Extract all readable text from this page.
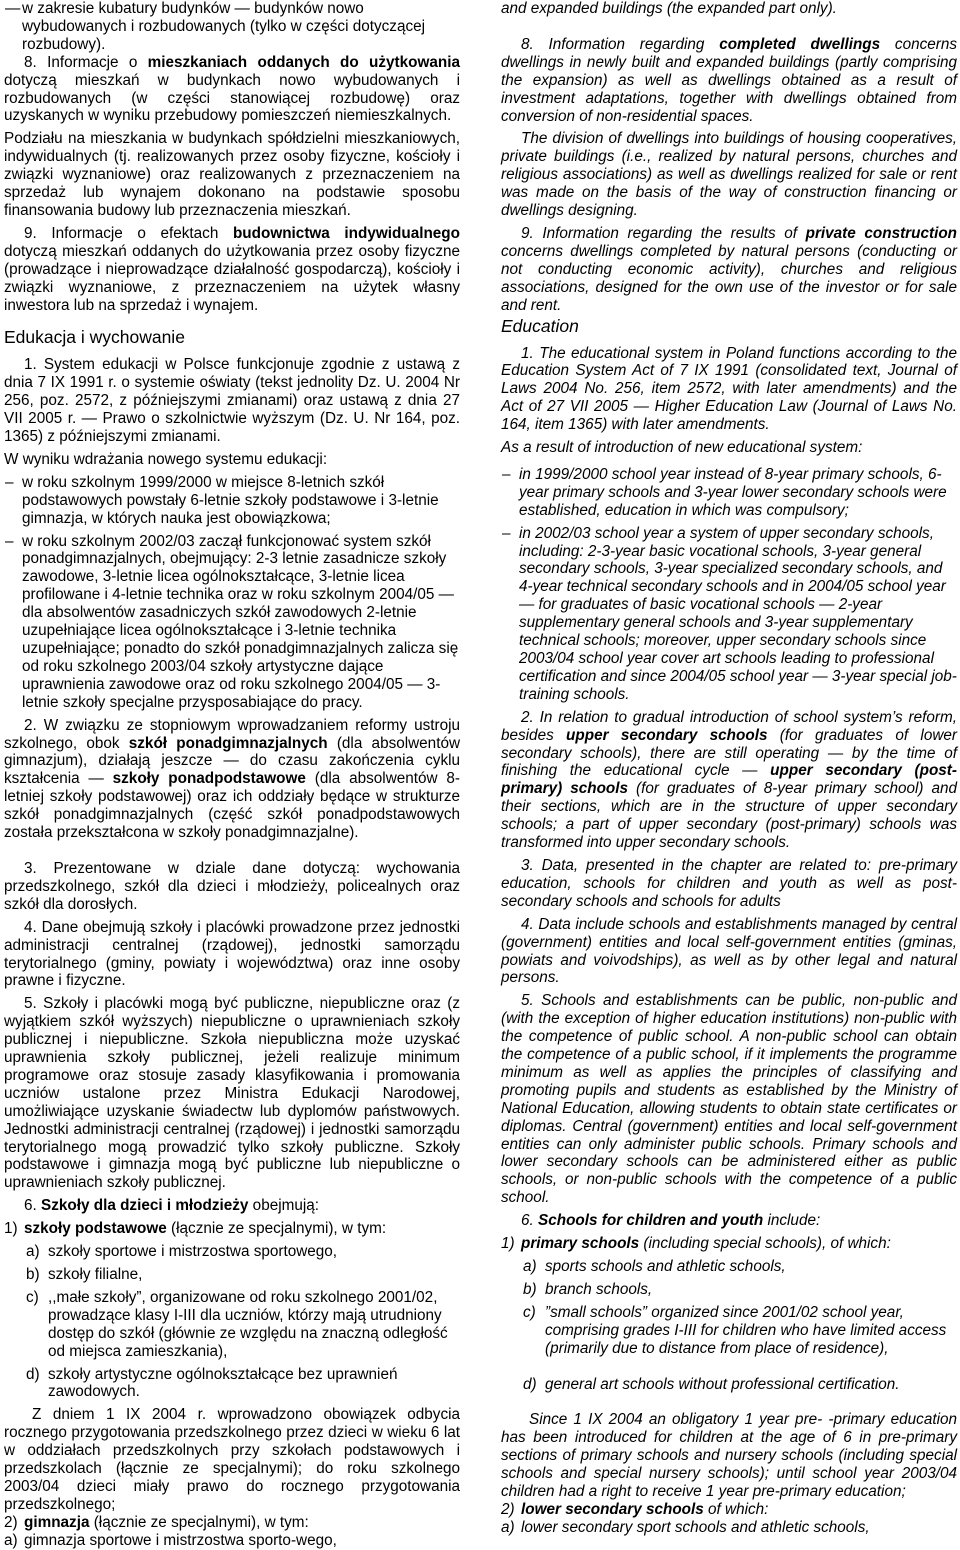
— w zakresie kubatury budynków — budynków nowo wybudowanych i rozbudowanych (tylko w części dotyczącej rozbudowy).

8. Informacje o mieszkaniach oddanych do użytkowania dotyczą mieszkań w budynkach nowo wybudowanych i rozbudowanych (w części stanowiącej rozbudowę) oraz uzyskanych w wyniku przebudowy pomieszczeń niemieszkalnych.

Podziału na mieszkania w budynkach spółdzielni mieszkaniowych, indywidualnych (tj. realizowanych przez osoby fizyczne, kościoły i związki wyznaniowe) oraz realizowanych z przeznaczeniem na sprzedaż lub wynajem dokonano na podstawie sposobu finansowania budowy lub przeznaczenia mieszkań.

9. Informacje o efektach budownictwa indywidualnego dotyczą mieszkań oddanych do użytkowania przez osoby fizyczne (prowadzące i nieprowadzące działalność gospodarczą), kościoły i związki wyznaniowe, z przeznaczeniem na użytek własny inwestora lub na sprzedaż i wynajem.

Edukacja i wychowanie

1. System edukacji w Polsce funkcjonuje zgodnie z ustawą z dnia 7 IX 1991 r. o systemie oświaty (tekst jednolity Dz. U. 2004 Nr 256, poz. 2572, z późniejszymi zmianami) oraz ustawą z dnia 27 VII 2005 r. — Prawo o szkolnictwie wyższym (Dz. U. Nr 164, poz. 1365) z późniejszymi zmianami.

W wyniku wdrażania nowego systemu edukacji:

– w roku szkolnym 1999/2000 w miejsce 8-letnich szkół podstawowych powstały 6-letnie szkoły podstawowe i 3-letnie gimnazja, w których nauka jest obowiązkowa;
– w roku szkolnym 2002/03 zaczął funkcjonować system szkół ponadgimnazjalnych, obejmujący: 2-3 letnie zasadnicze szkoły zawodowe, 3-letnie licea ogólnokształcące, 3-letnie licea profilowane i 4-letnie technika oraz w roku szkolnym 2004/05 — dla absolwentów zasadniczych szkół zawodowych 2-letnie uzupełniające licea ogólnokształcące i 3-letnie technika uzupełniające; ponadto do szkół ponadgimnazjalnych zalicza się od roku szkolnego 2003/04 szkoły artystyczne dające uprawnienia zawodowe oraz od roku szkolnego 2004/05 — 3-letnie szkoły specjalne przysposabiające do pracy.

2. W związku ze stopniowym wprowadzaniem reformy ustroju szkolnego, obok szkół ponadgimnazjalnych (dla absolwentów gimnazjum), działają jeszcze — do czasu zakończenia cyklu kształcenia — szkoły ponadpodstawowe (dla absolwentów 8-letniej szkoły podstawowej) oraz ich oddziały będące w strukturze szkół ponadgimnazjalnych (część szkół ponadpodstawowych została przekształcona w szkoły ponadgimnazjalne).

3. Prezentowane w dziale dane dotyczą: wychowania przedszkolnego, szkół dla dzieci i młodzieży, policealnych oraz szkół dla dorosłych.

4. Dane obejmują szkoły i placówki prowadzone przez jednostki administracji centralnej (rządowej), jednostki samorządu terytorialnego (gminy, powiaty i województwa) oraz inne osoby prawne i fizyczne.

5. Szkoły i placówki mogą być publiczne, niepubliczne oraz (z wyjątkiem szkół wyższych) niepubliczne o uprawnieniach szkoły publicznej i niepubliczne. Szkoła niepubliczna może uzyskać uprawnienia szkoły publicznej, jeżeli realizuje minimum programowe oraz stosuje zasady klasyfikowania i promowania uczniów ustalone przez Ministra Edukacji Narodowej, umożliwiające uzyskanie świadectw lub dyplomów państwowych. Jednostki administracji centralnej (rządowej) i jednostki samorządu terytorialnego mogą prowadzić tylko szkoły publiczne. Szkoły podstawowe i gimnazja mogą być publiczne lub niepubliczne o uprawnieniach szkoły publicznej.

6. Szkoły dla dzieci i młodzieży obejmują:

1) szkoły podstawowe (łącznie ze specjalnymi), w tym:
a) szkoły sportowe i mistrzostwa sportowego,
b) szkoły filialne,
c) ,,małe szkoły”, organizowane od roku szkolnego 2001/02, prowadzące klasy I-III dla uczniów, którzy mają utrudniony dostęp do szkół (głównie ze względu na znaczną odległość od miejsca zamieszkania),
d) szkoły artystyczne ogólnokształcące bez uprawnień zawodowych.

Z dniem 1 IX 2004 r. wprowadzono obowiązek odbycia rocznego przygotowania przedszkolnego przez dzieci w wieku 6 lat w oddziałach przedszkolnych przy szkołach podstawowych i przedszkolach (łącznie ze specjalnymi); do roku szkolnego 2003/04 dzieci miały prawo do rocznego przygotowania przedszkolnego;

2) gimnazja (łącznie ze specjalnymi), w tym:
a) gimnazja sportowe i mistrzostwa sporto-wego,

and expanded buildings (the expanded part only).

8. Information regarding completed dwellings concerns dwellings in newly built and expanded buildings (partly comprising the expansion) as well as dwellings obtained as a result of investment adaptations, together with dwellings obtained from conversion of non-residential spaces.

The division of dwellings into buildings of housing cooperatives, private buildings (i.e., realized by natural persons, churches and religious associations) as well as dwellings realized for sale or rent was made on the basis of the way of construction financing or dwellings designing.

9. Information regarding the results of private construction concerns dwellings completed by natural persons (conducting or not conducting economic activity), churches and religious associations, designed for the own use of the investor or for sale and rent.

Education

1. The educational system in Poland functions according to the Education System Act of 7 IX 1991 (consolidated text, Journal of Laws 2004 No. 256, item 2572, with later amendments) and the Act of 27 VII 2005 — Higher Education Law (Journal of Laws No. 164, item 1365) with later amendments.

As a result of introduction of new educational system:

– in 1999/2000 school year instead of 8-year primary schools, 6-year primary schools and 3-year lower secondary schools were established, education in which was compulsory;
– in 2002/03 school year a system of upper secondary schools, including: 2-3-year basic vocational schools, 3-year general secondary schools, 3-year specialized secondary schools, and 4-year technical secondary schools and in 2004/05 school year — for graduates of basic vocational schools — 2-year supplementary general schools and 3-year supplementary technical schools; moreover, upper secondary schools since 2003/04 school year cover art schools leading to professional certification and since 2004/05 school year — 3-year special job-training schools.

2. In relation to gradual introduction of school system’s reform, besides upper secondary schools (for graduates of lower secondary schools), there are still operating — by the time of finishing the educational cycle — upper secondary (post-primary) schools (for graduates of 8-year primary school) and their sections, which are in the structure of upper secondary schools; a part of upper secondary (post-primary) schools was transformed into upper secondary schools.

3. Data, presented in the chapter are related to: pre-primary education, schools for children and youth as well as post-secondary schools and schools for adults

4. Data include schools and establishments managed by central (government) entities and local self-government entities (gminas, powiats and voivodships), as well as by other legal and natural persons.

5. Schools and establishments can be public, non-public and (with the exception of higher education institutions) non-public with the competence of public school. A non-public school can obtain the competence of a public school, if it implements the programme minimum as well as applies the principles of classifying and promoting pupils and students as established by the Ministry of National Education, allowing students to obtain state certificates or diplomas. Central (government) entities and local self-government entities can only administer public schools. Primary schools and lower secondary schools can be administered either as public schools, or non-public schools with the competence of a public school.

6. Schools for children and youth include:

1) primary schools (including special schools), of which:
a) sports schools and athletic schools,
b) branch schools,
c) ”small schools” organized since 2001/02 school year, comprising grades I-III for children who have limited access (primarily due to distance from place of residence),
d) general art schools without professional certification.

Since 1 IX 2004 an obligatory 1 year pre- -primary education has been introduced for children at the age of 6 in pre-primary sections of primary schools and nursery schools (including special schools and special nursery schools); until school year 2003/04 children had a right to receive 1 year pre-primary education;

2) lower secondary schools of which:
a) lower secondary sport schools and athletic schools,
